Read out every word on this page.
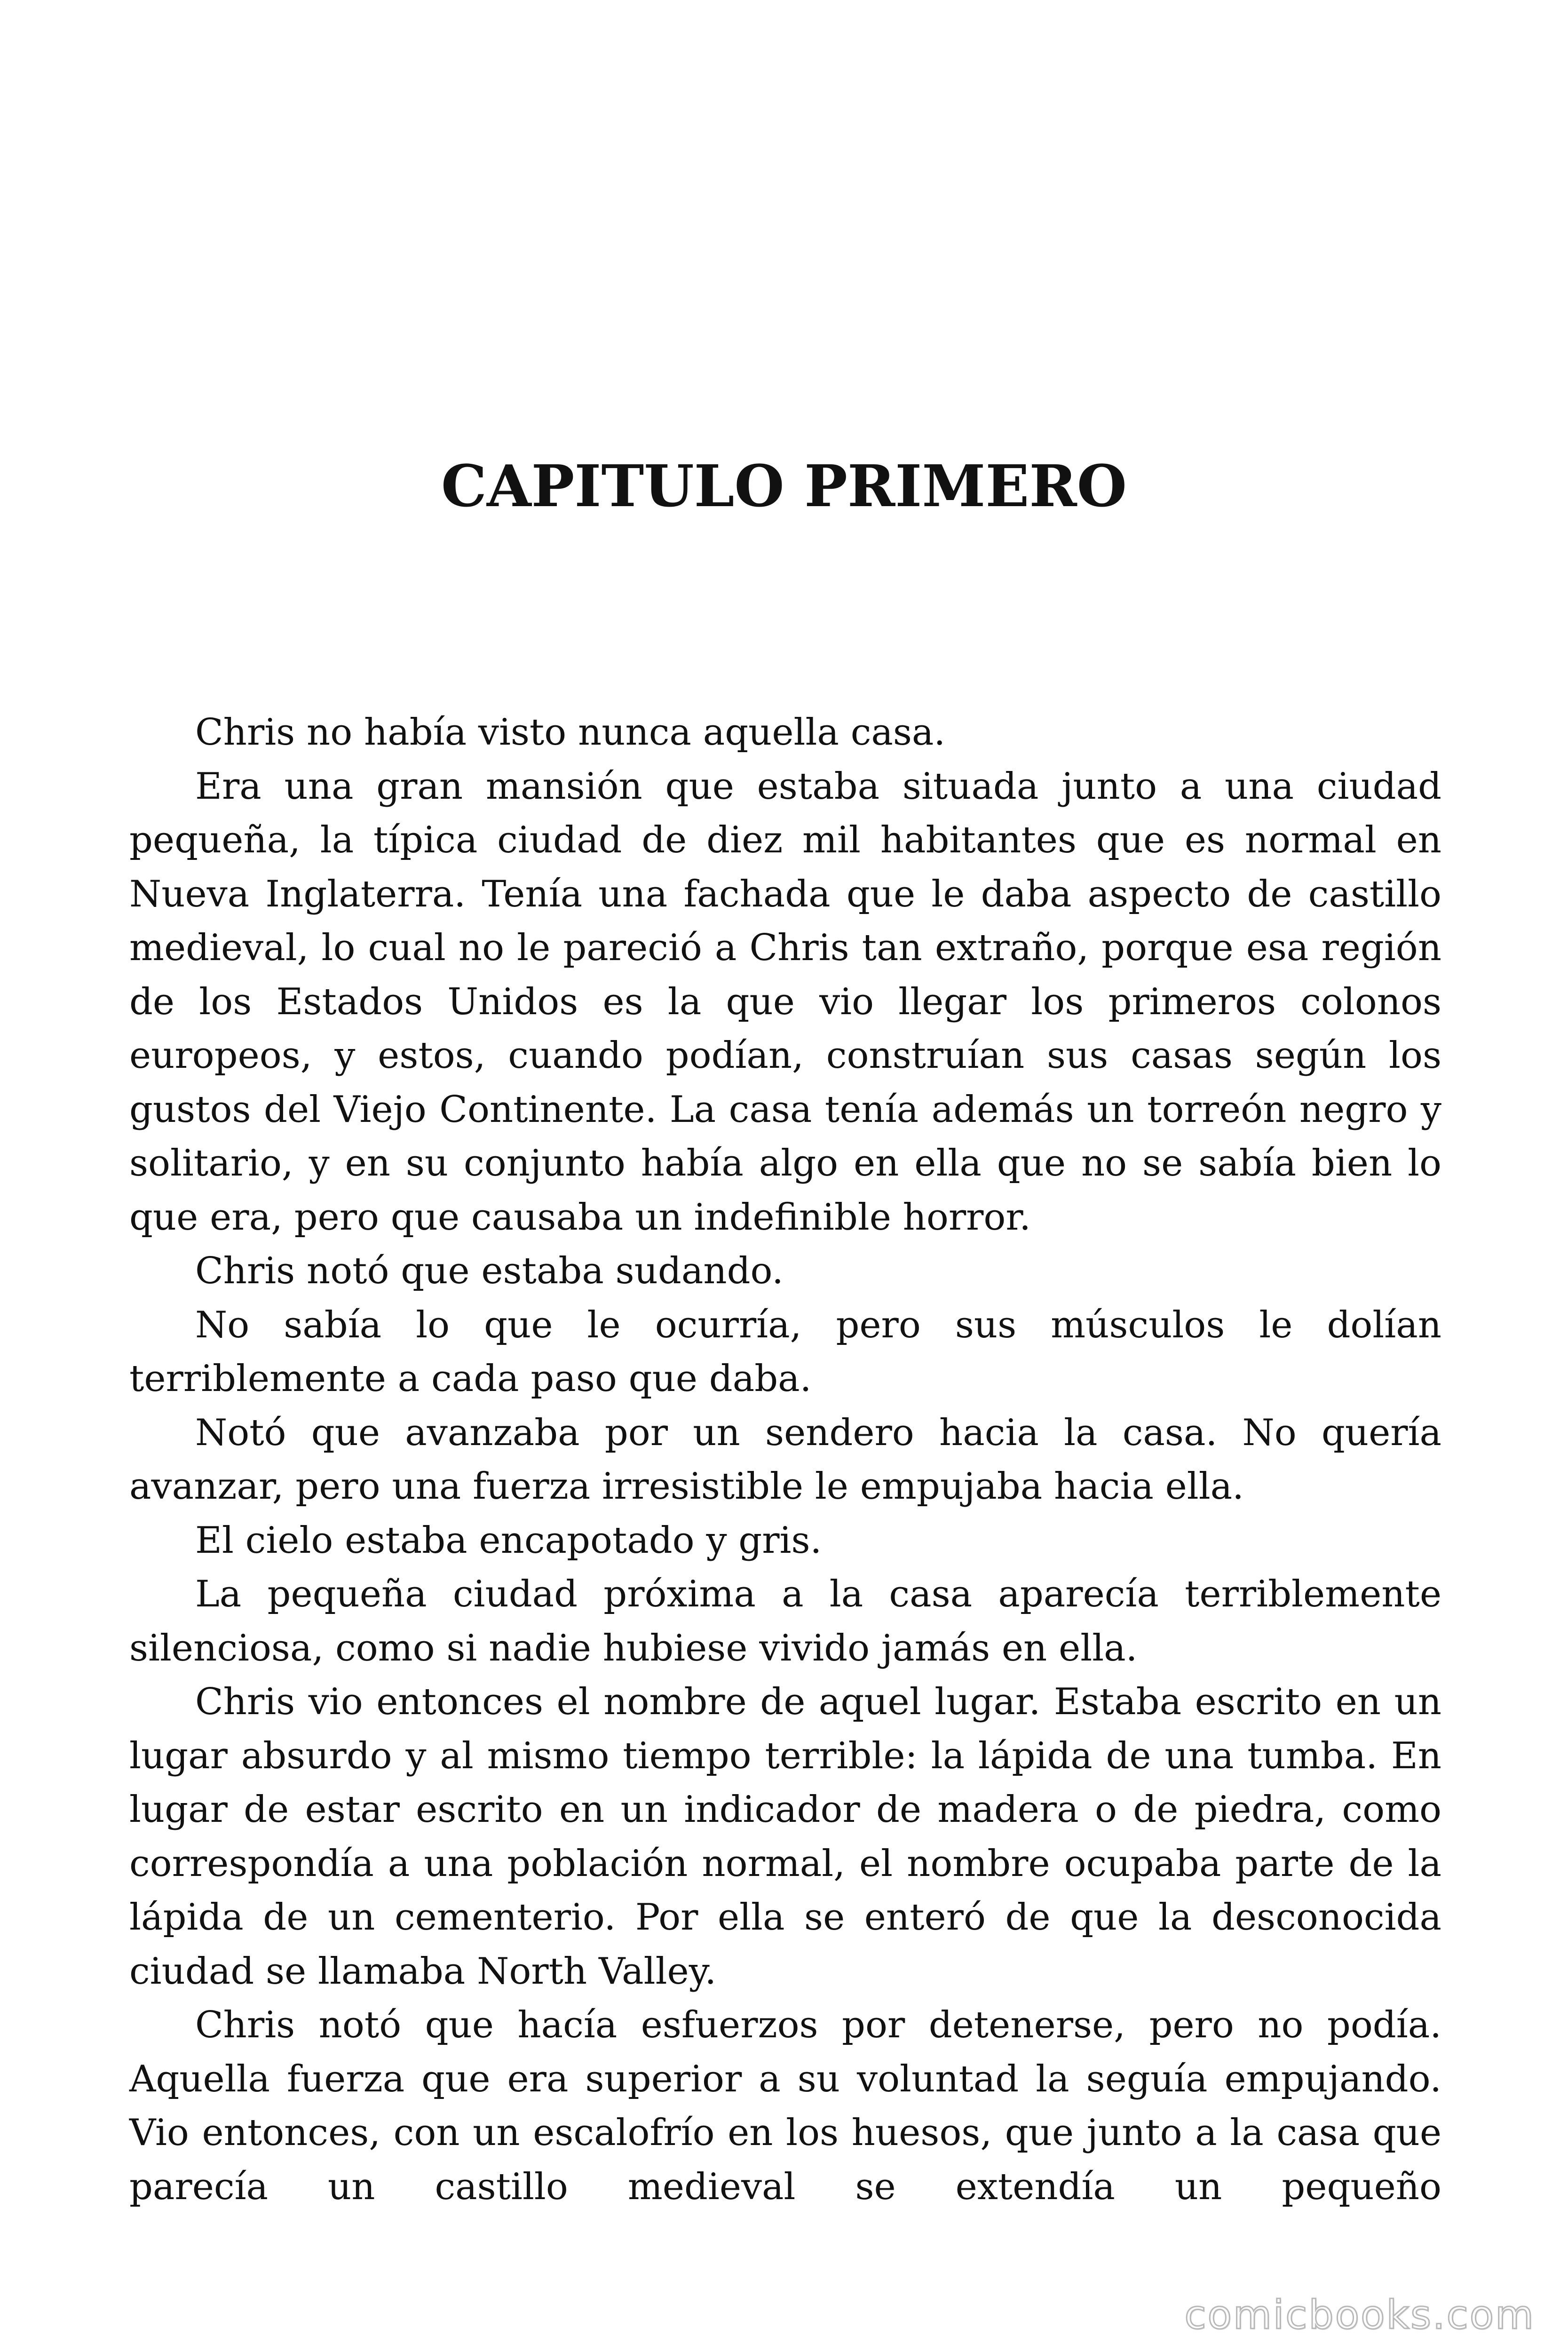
CAPITULO PRIMERO

Chris no había visto nunca aquella casa.

Era una gran mansión que estaba situada junto a una ciudad pequeña, la típica ciudad de diez mil habitantes que es normal en Nueva Inglaterra. Tenía una fachada que le daba aspecto de castillo medieval, lo cual no le pareció a Chris tan extraño, porque esa región de los Estados Unidos es la que vio llegar los primeros colonos europeos, y estos, cuando podían, construían sus casas según los gustos del Viejo Continente. La casa tenía además un torreón negro y solitario, y en su conjunto había algo en ella que no se sabía bien lo que era, pero que causaba un indefinible horror.

Chris notó que estaba sudando.

No sabía lo que le ocurría, pero sus músculos le dolían terriblemente a cada paso que daba.

Notó que avanzaba por un sendero hacia la casa. No quería avanzar, pero una fuerza irresistible le empujaba hacia ella.

El cielo estaba encapotado y gris.

La pequeña ciudad próxima a la casa aparecía terriblemente silenciosa, como si nadie hubiese vivido jamás en ella.

Chris vio entonces el nombre de aquel lugar. Estaba escrito en un lugar absurdo y al mismo tiempo terrible: la lápida de una tumba. En lugar de estar escrito en un indicador de madera o de piedra, como correspondía a una población normal, el nombre ocupaba parte de la lápida de un cementerio. Por ella se enteró de que la desconocida ciudad se llamaba North Valley.

Chris notó que hacía esfuerzos por detenerse, pero no podía. Aquella fuerza que era superior a su voluntad la seguía empujando. Vio entonces, con un escalofrío en los huesos, que junto a la casa que parecía un castillo medieval se extendía un pequeño

comicbooks.com
